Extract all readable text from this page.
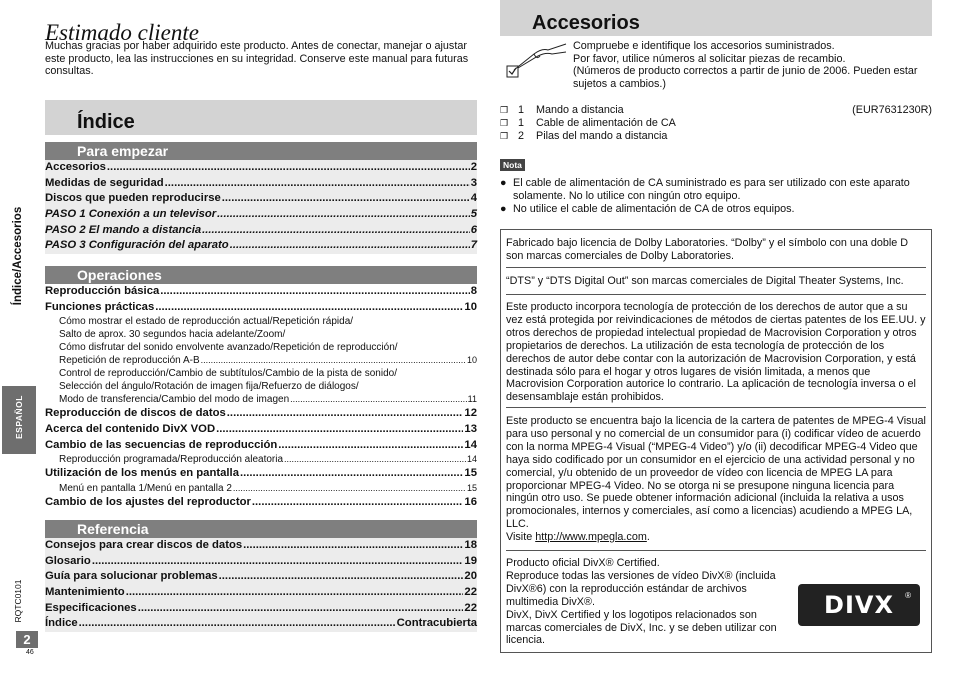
Índice/Accesorios
ESPAÑOL
RQTC0101
2
46
Estimado cliente
Muchas gracias por haber adquirido este producto. Antes de conectar, manejar o ajustar este producto, lea las instrucciones en su integridad. Conserve este manual para futuras consultas.
Índice
Para empezar
Accesorios .....	2
Medidas de seguridad .....	3
Discos que pueden reproducirse .....	4
PASO 1 Conexión a un televisor .....	5
PASO 2 El mando a distancia .....	6
PASO 3 Configuración del aparato .....	7
Operaciones
Reproducción básica .....	8
Funciones prácticas .....	10
Cómo mostrar el estado de reproducción actual/Repetición rápida/
Salto de aprox. 30 segundos hacia adelante/Zoom/
Cómo disfrutar del sonido envolvente avanzado/Repetición de reproducción/
Repetición de reproducción A-B .....	10
Control de reproducción/Cambio de subtítulos/Cambio de la pista de sonido/
Selección del ángulo/Rotación de imagen fija/Refuerzo de diálogos/
Modo de transferencia/Cambio del modo de imagen .....	11
Reproducción de discos de datos .....	12
Acerca del contenido DivX VOD .....	13
Cambio de las secuencias de reproducción .....	14
Reproducción programada/Reproducción aleatoria .....	14
Utilización de los menús en pantalla .....	15
Menú en pantalla 1/Menú en pantalla 2 .....	15
Cambio de los ajustes del reproductor .....	16
Referencia
Consejos para crear discos de datos .....	18
Glosario .....	19
Guía para solucionar problemas .....	20
Mantenimiento .....	22
Especificaciones .....	22
Índice .....	Contracubierta
Accesorios
Compruebe e identifique los accesorios suministrados.
Por favor, utilice números al solicitar piezas de recambio.
(Números de producto correctos a partir de junio de 2006. Pueden estar sujetos a cambios.)
❒ 1	Mando a distancia	(EUR7631230R)
❒ 1	Cable de alimentación de CA
❒ 2	Pilas del mando a distancia
Nota
● El cable de alimentación de CA suministrado es para ser utilizado con este aparato solamente. No lo utilice con ningún otro equipo.
● No utilice el cable de alimentación de CA de otros equipos.
Fabricado bajo licencia de Dolby Laboratories. “Dolby” y el símbolo con una doble D son marcas comerciales de Dolby Laboratories.
“DTS” y “DTS Digital Out” son marcas comerciales de Digital Theater Systems, Inc.
Este producto incorpora tecnología de protección de los derechos de autor que a su vez está protegida por reivindicaciones de métodos de ciertas patentes de los EE.UU. y otros derechos de propiedad intelectual propiedad de Macrovision Corporation y otros propietarios de derechos. La utilización de esta tecnología de protección de los derechos de autor debe contar con la autorización de Macrovision Corporation, y está destinada sólo para el hogar y otros lugares de visión limitada, a menos que Macrovision Corporation autorice lo contrario. La aplicación de tecnología inversa o el desensamblaje están prohibidos.
Este producto se encuentra bajo la licencia de la cartera de patentes de MPEG-4 Visual para uso personal y no comercial de un consumidor para (i) codificar vídeo de acuerdo con la norma MPEG-4 Visual (“MPEG-4 Video”) y/o (ii) decodificar MPEG-4 Video que haya sido codificado por un consumidor en el ejercicio de una actividad personal y no comercial, y/u obtenido de un proveedor de vídeo con licencia de MPEG LA para proporcionar MPEG-4 Video. No se otorga ni se presupone ninguna licencia para ningún otro uso. Se puede obtener información adicional (incluida la relativa a usos promocionales, internos y comerciales, así como a licencias) acudiendo a MPEG LA, LLC.
Visite http://www.mpegla.com.
Producto oficial DivX® Certified.
Reproduce todas las versiones de vídeo DivX® (incluida DivX®6) con la reproducción estándar de archivos multimedia DivX®.
DivX, DivX Certified y los logotipos relacionados son marcas comerciales de DivX, Inc. y se deben utilizar con licencia.
DIVX ®
